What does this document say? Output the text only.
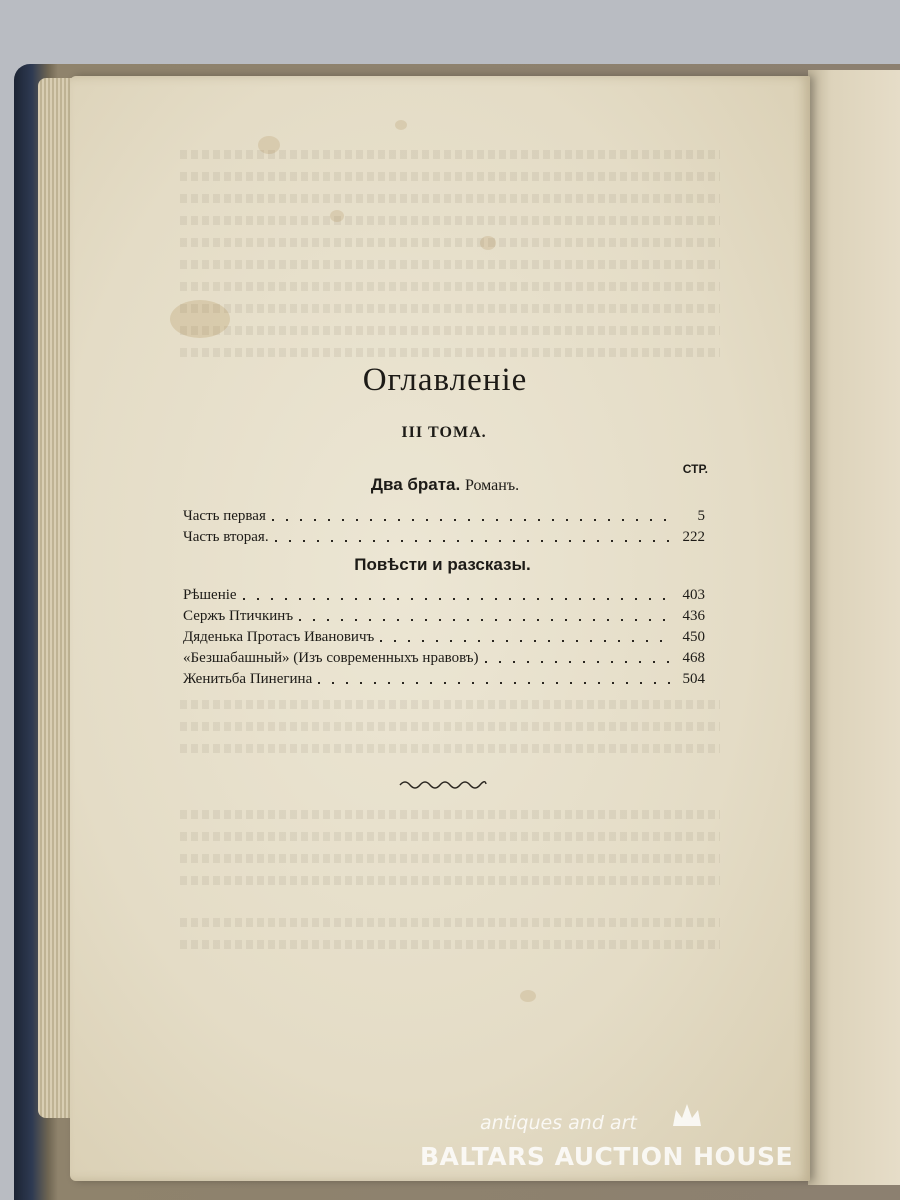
Оглавленіе
III ТОМА.
СТР.
Два брата. Романъ.
Часть первая	5
Часть вторая.	222
Повѣсти и разсказы.
Рѣшеніе	403
Сержъ Птичкинъ	436
Дяденька Протасъ Ивановичъ	450
«Безшабашный» (Изъ современныхъ нравовъ)	468
Женитьба Пинегина	504
antiques and art
BALTARS AUCTION HOUSE
